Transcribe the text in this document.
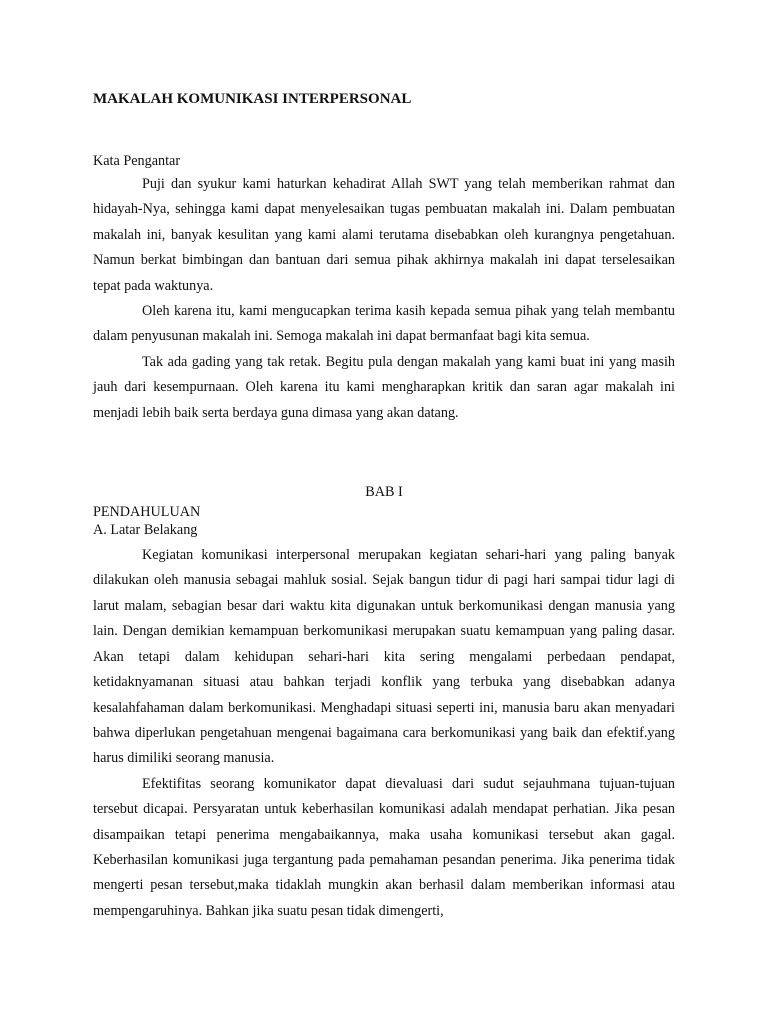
MAKALAH KOMUNIKASI INTERPERSONAL
Kata Pengantar

Puji dan syukur kami haturkan kehadirat Allah SWT yang telah memberikan rahmat dan hidayah-Nya, sehingga kami dapat menyelesaikan tugas pembuatan makalah ini. Dalam pembuatan makalah ini, banyak kesulitan yang kami alami terutama disebabkan oleh kurangnya pengetahuan. Namun berkat bimbingan dan bantuan dari semua pihak akhirnya makalah ini dapat terselesaikan tepat pada waktunya.

Oleh karena itu, kami mengucapkan terima kasih kepada semua pihak yang telah membantu dalam penyusunan makalah ini. Semoga makalah ini dapat bermanfaat bagi kita semua.

Tak ada gading yang tak retak. Begitu pula dengan makalah yang kami buat ini yang masih jauh dari kesempurnaan. Oleh karena itu kami mengharapkan kritik dan saran agar makalah ini menjadi lebih baik serta berdaya guna dimasa yang akan datang.

BAB I
PENDAHULUAN
A. Latar Belakang

Kegiatan komunikasi interpersonal merupakan kegiatan sehari-hari yang paling banyak dilakukan oleh manusia sebagai mahluk sosial. Sejak bangun tidur di pagi hari sampai tidur lagi di larut malam, sebagian besar dari waktu kita digunakan untuk berkomunikasi dengan manusia yang lain. Dengan demikian kemampuan berkomunikasi merupakan suatu kemampuan yang paling dasar. Akan tetapi dalam kehidupan sehari-hari kita sering mengalami perbedaan pendapat, ketidaknyamanan situasi atau bahkan terjadi konflik yang terbuka yang disebabkan adanya kesalahfahaman dalam berkomunikasi. Menghadapi situasi seperti ini, manusia baru akan menyadari bahwa diperlukan pengetahuan mengenai bagaimana cara berkomunikasi yang baik dan efektif.yang harus dimiliki seorang manusia.

Efektifitas seorang komunikator dapat dievaluasi dari sudut sejauhmana tujuan-tujuan tersebut dicapai. Persyaratan untuk keberhasilan komunikasi adalah mendapat perhatian. Jika pesan disampaikan tetapi penerima mengabaikannya, maka usaha komunikasi tersebut akan gagal. Keberhasilan komunikasi juga tergantung pada pemahaman pesandan penerima. Jika penerima tidak mengerti pesan tersebut,maka tidaklah mungkin akan berhasil dalam memberikan informasi atau mempengaruhinya. Bahkan jika suatu pesan tidak dimengerti,
